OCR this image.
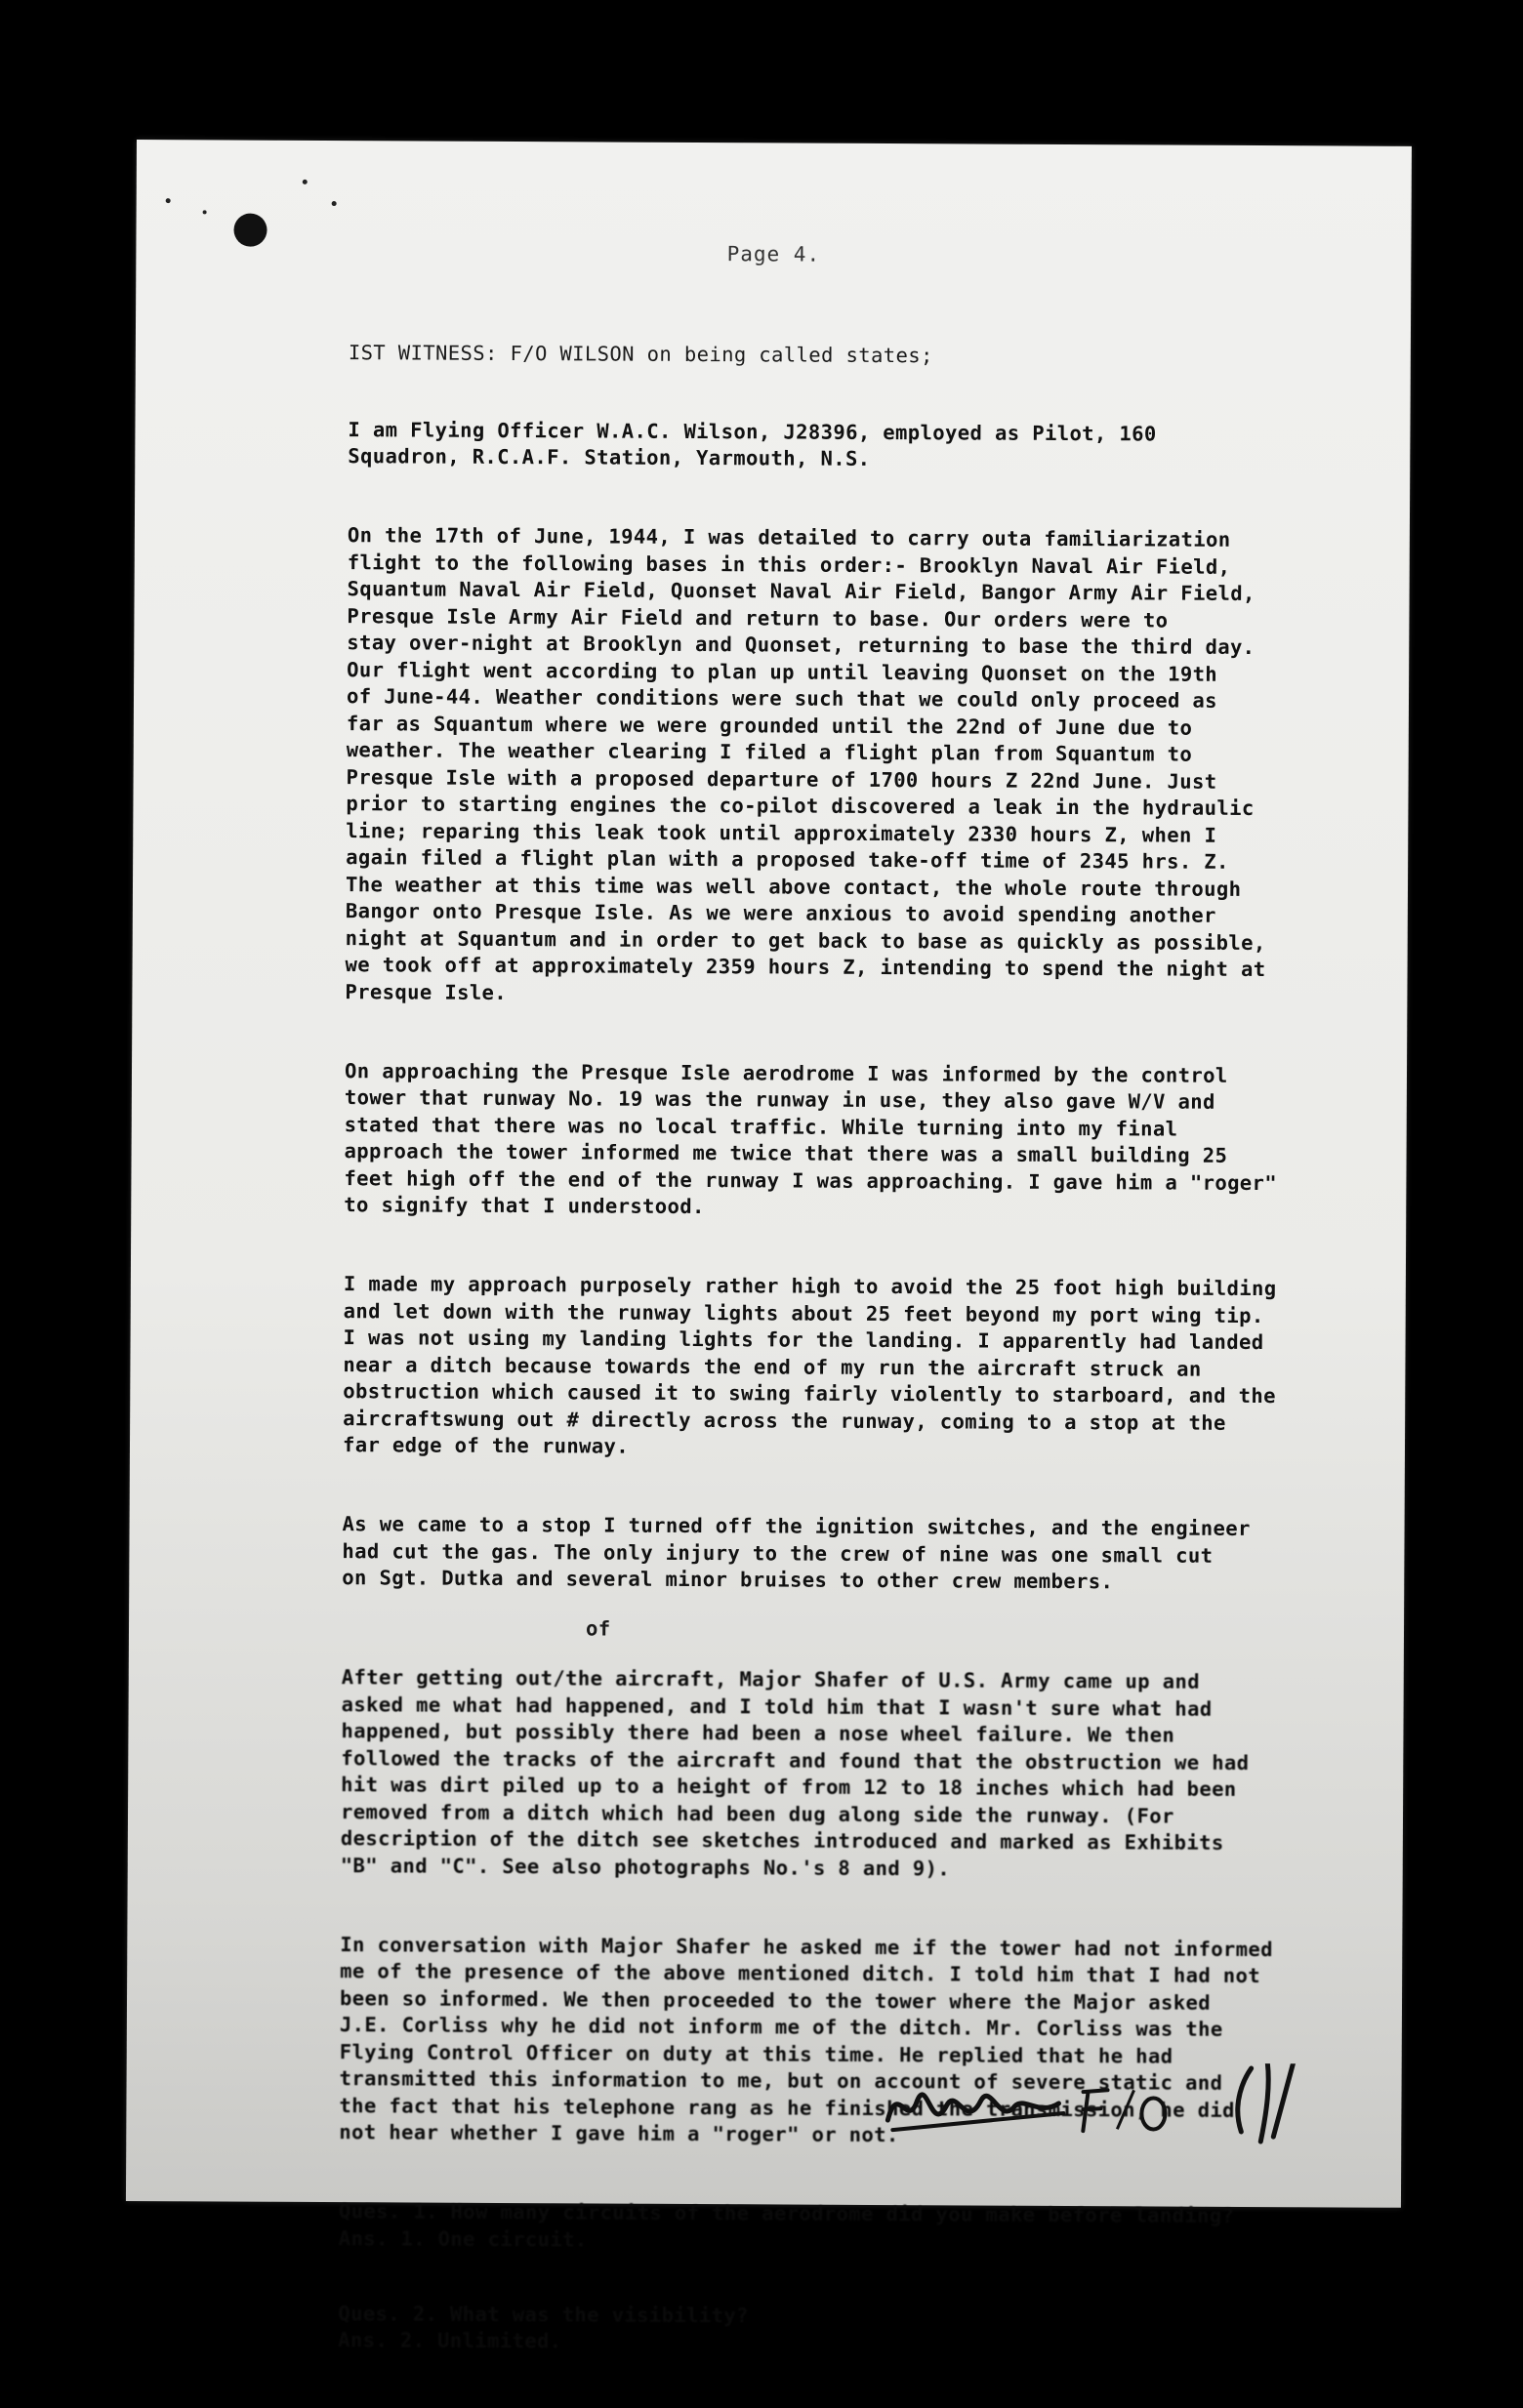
Page 4.

IST WITNESS: F/O WILSON on being called states;

I am Flying Officer W.A.C. Wilson, J28396, employed as Pilot, 160
Squadron, R.C.A.F. Station, Yarmouth, N.S.

On the 17th of June, 1944, I was detailed to carry outa familiarization
flight to the following bases in this order:- Brooklyn Naval Air Field,
Squantum Naval Air Field, Quonset Naval Air Field, Bangor Army Air Field,
Presque Isle Army Air Field and return to base. Our orders were to
stay over-night at Brooklyn and Quonset, returning to base the third day.
Our flight went according to plan up until leaving Quonset on the 19th
of June-44. Weather conditions were such that we could only proceed as
far as Squantum where we were grounded until the 22nd of June due to
weather. The weather clearing I filed a flight plan from Squantum to
Presque Isle with a proposed departure of 1700 hours Z 22nd June. Just
prior to starting engines the co-pilot discovered a leak in the hydraulic
line; reparing this leak took until approximately 2330 hours Z, when I
again filed a flight plan with a proposed take-off time of 2345 hrs. Z.
The weather at this time was well above contact, the whole route through
Bangor onto Presque Isle. As we were anxious to avoid spending another
night at Squantum and in order to get back to base as quickly as possible,
we took off at approximately 2359 hours Z, intending to spend the night at
Presque Isle.

On approaching the Presque Isle aerodrome I was informed by the control
tower that runway No. 19 was the runway in use, they also gave W/V and
stated that there was no local traffic. While turning into my final
approach the tower informed me twice that there was a small building 25
feet high off the end of the runway I was approaching. I gave him a "roger"
to signify that I understood.

I made my approach purposely rather high to avoid the 25 foot high building
and let down with the runway lights about 25 feet beyond my port wing tip.
I was not using my landing lights for the landing. I apparently had landed
near a ditch because towards the end of my run the aircraft struck an
obstruction which caused it to swing fairly violently to starboard, and the
aircraftswung out # directly across the runway, coming to a stop at the
far edge of the runway.

As we came to a stop I turned off the ignition switches, and the engineer
had cut the gas. The only injury to the crew of nine was one small cut
on Sgt. Dutka and several minor bruises to other crew members.

of

After getting out/the aircraft, Major Shafer of U.S. Army came up and
asked me what had happened, and I told him that I wasn't sure what had
happened, but possibly there had been a nose wheel failure. We then
followed the tracks of the aircraft and found that the obstruction we had
hit was dirt piled up to a height of from 12 to 18 inches which had been
removed from a ditch which had been dug along side the runway. (For
description of the ditch see sketches introduced and marked as Exhibits
"B" and "C". See also photographs No.'s 8 and 9).

In conversation with Major Shafer he asked me if the tower had not informed
me of the presence of the above mentioned ditch. I told him that I had not
been so informed. We then proceeded to the tower where the Major asked
J.E. Corliss why he did not inform me of the ditch. Mr. Corliss was the
Flying Control Officer on duty at this time. He replied that he had
transmitted this information to me, but on account of severe static and
the fact that his telephone rang as he finished the transmission, he did
not hear whether I gave him a "roger" or not.

Ques. 1. How many circuits of the aerodrome did you make before landing?
Ans. 1. One circuit.

Ques. 2. What was the visibility?
Ans. 2. Unlimited.
